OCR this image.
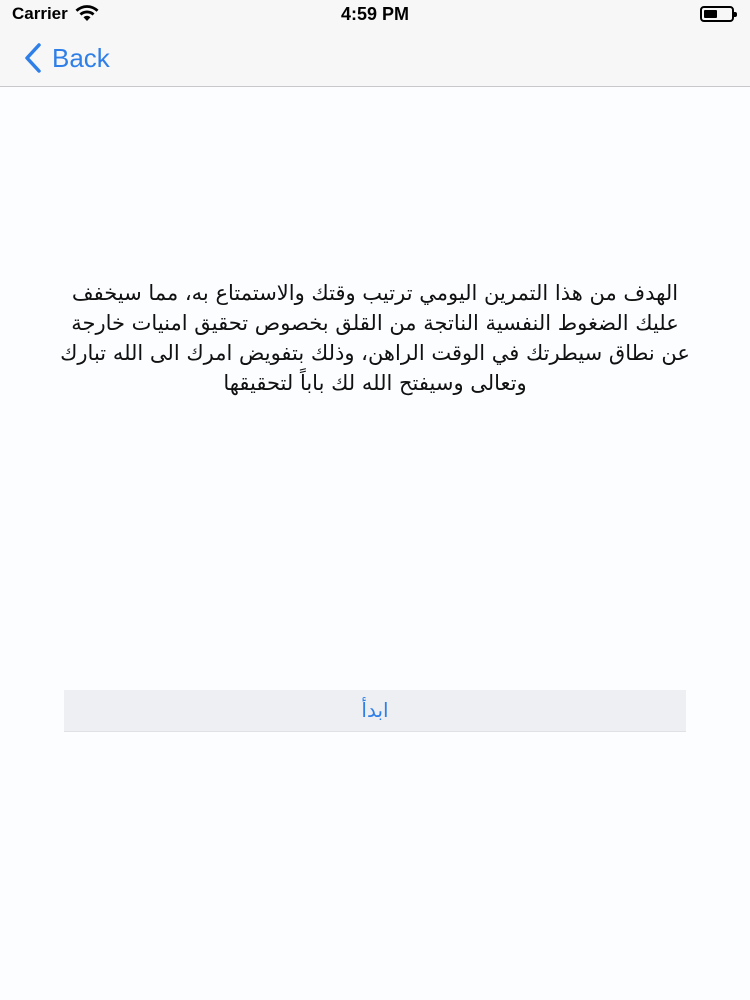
Carrier	4:59 PM
Back
الهدف من هذا التمرين اليومي ترتيب وقتك والاستمتاع به، مما سيخفف عليك الضغوط النفسية الناتجة من القلق بخصوص تحقيق امنيات خارجة عن نطاق سيطرتك في الوقت الراهن، وذلك بتفويض امرك الى الله تبارك وتعالى وسيفتح الله لك باباً لتحقيقها
ابدأ
